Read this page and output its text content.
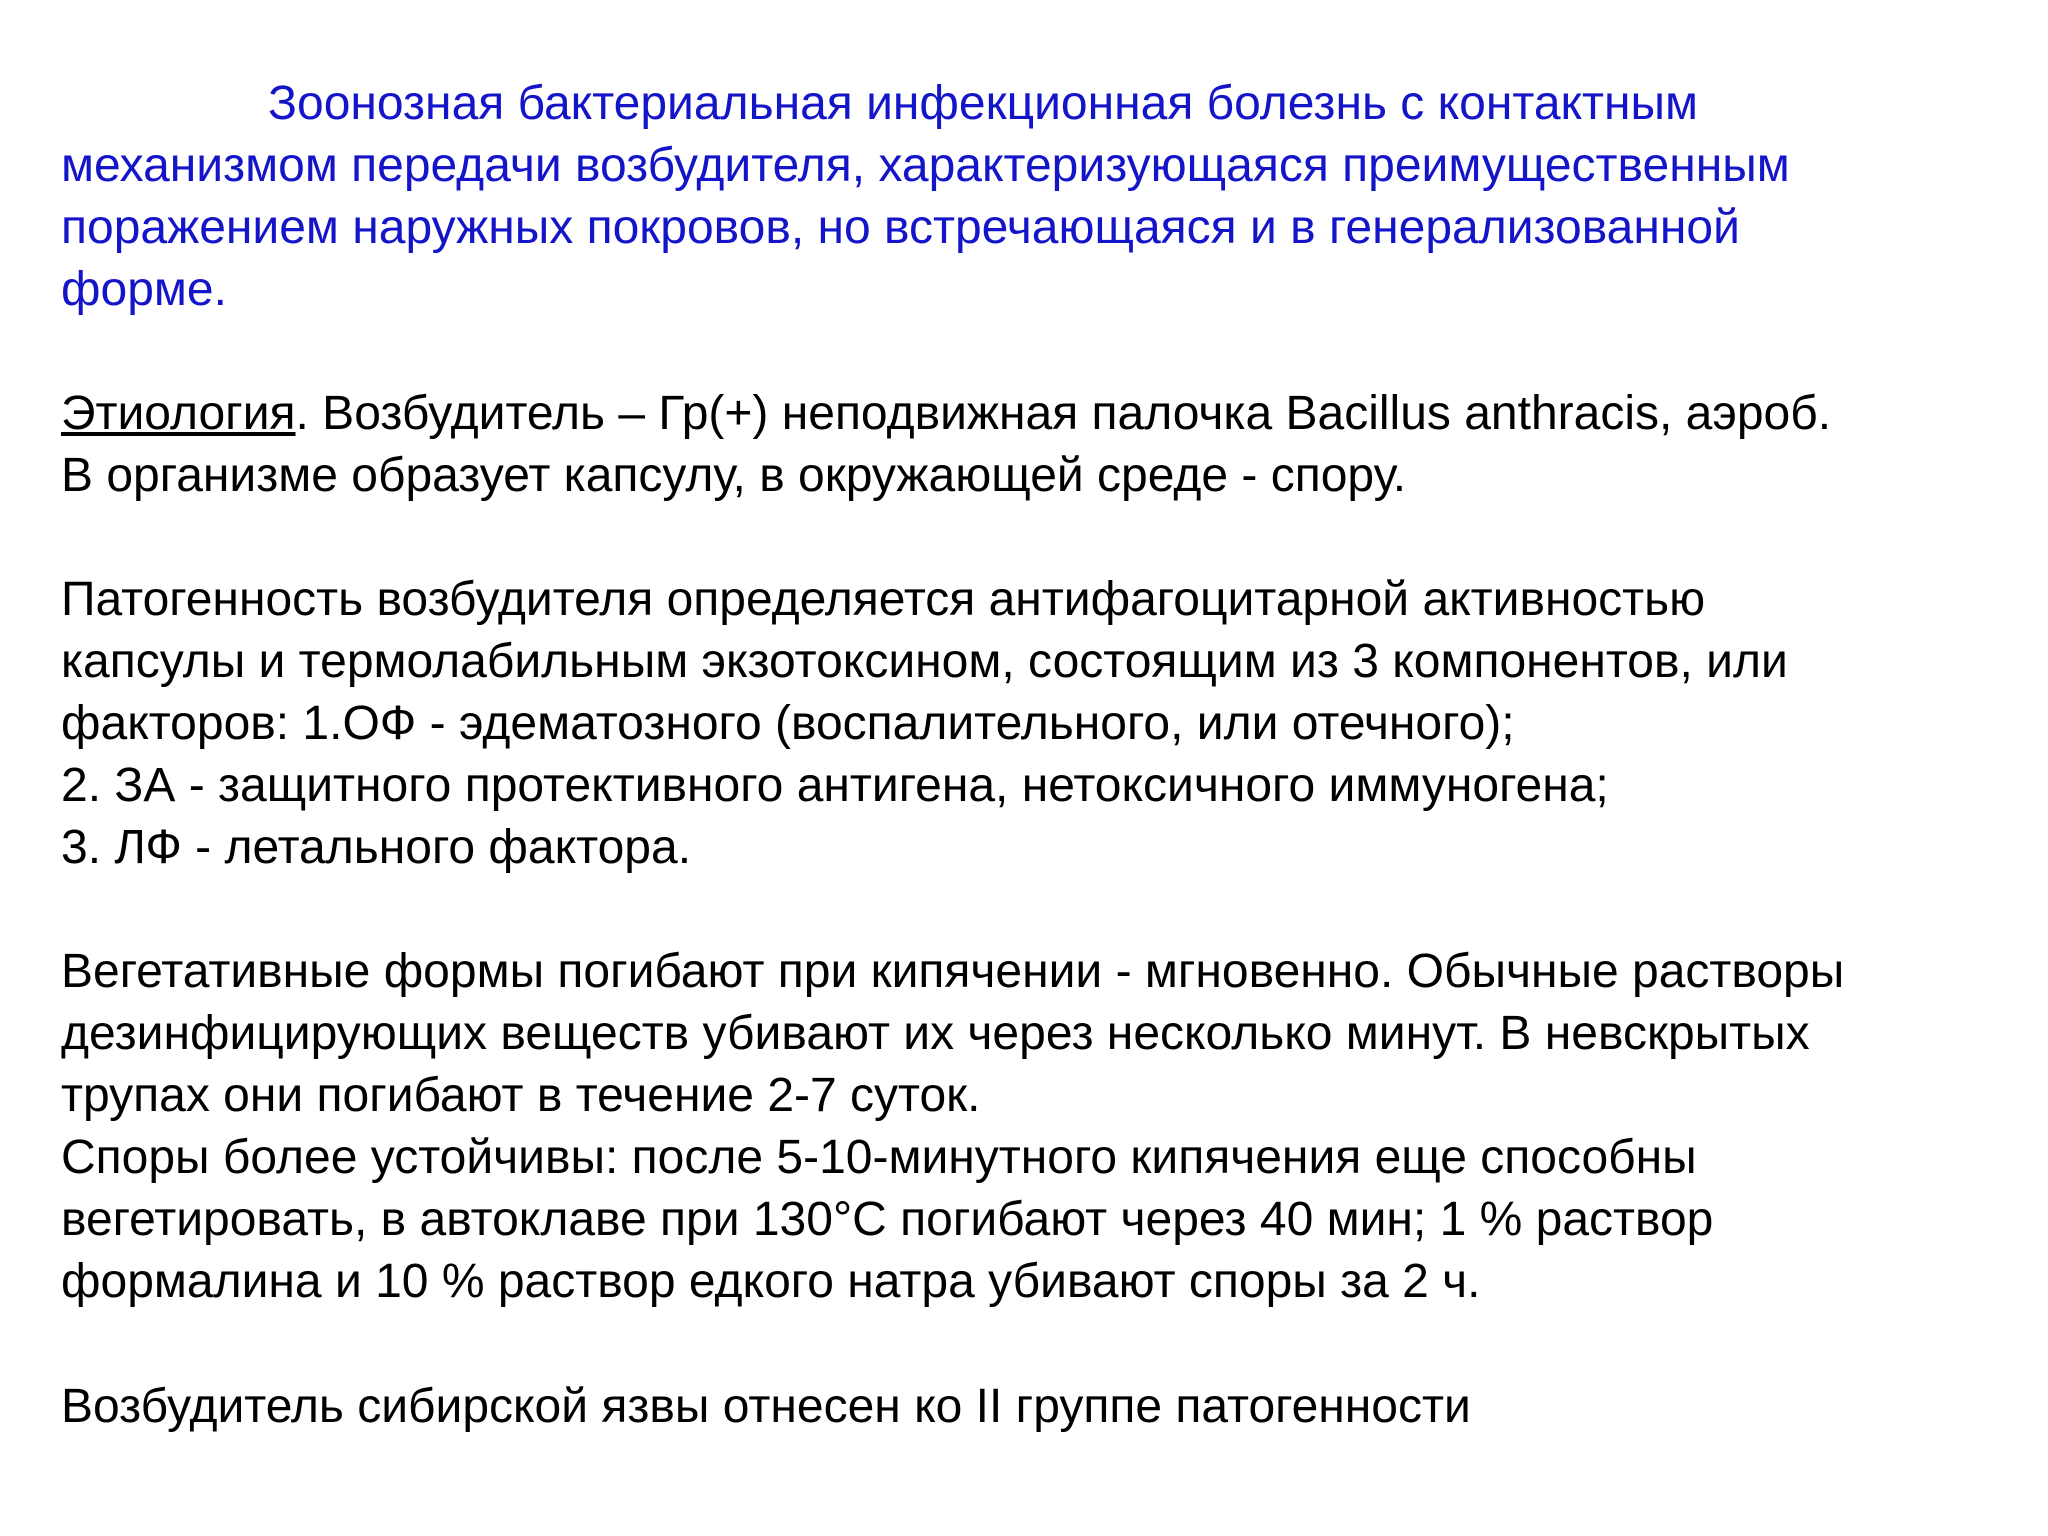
Зоонозная бактериальная инфекционная болезнь с контактным
механизмом передачи возбудителя, характеризующаяся преимущественным
поражением наружных покровов, но встречающаяся и в генерализованной
форме.

Этиология. Возбудитель – Гр(+) неподвижная палочка Bacillus anthracis, аэроб.
В организме образует капсулу, в окружающей среде - спору.

Патогенность возбудителя определяется антифагоцитарной активностью
капсулы и термолабильным экзотоксином, состоящим из 3 компонентов, или
факторов: 1.ОФ - эдематозного (воспалительного, или отечного);
2. ЗА - защитного протективного антигена, нетоксичного иммуногена;
3. ЛФ - летального фактора.

Вегетативные формы погибают при кипячении - мгновенно. Обычные растворы
дезинфицирующих веществ убивают их через несколько минут. В невскрытых
трупах они погибают в течение 2-7 суток.
Споры более устойчивы: после 5-10-минутного кипячения еще способны
вегетировать, в автоклаве при 130°С погибают через 40 мин; 1 % раствор
формалина и 10 % раствор едкого натра убивают споры за 2 ч.

Возбудитель сибирской язвы отнесен ко II группе патогенности
